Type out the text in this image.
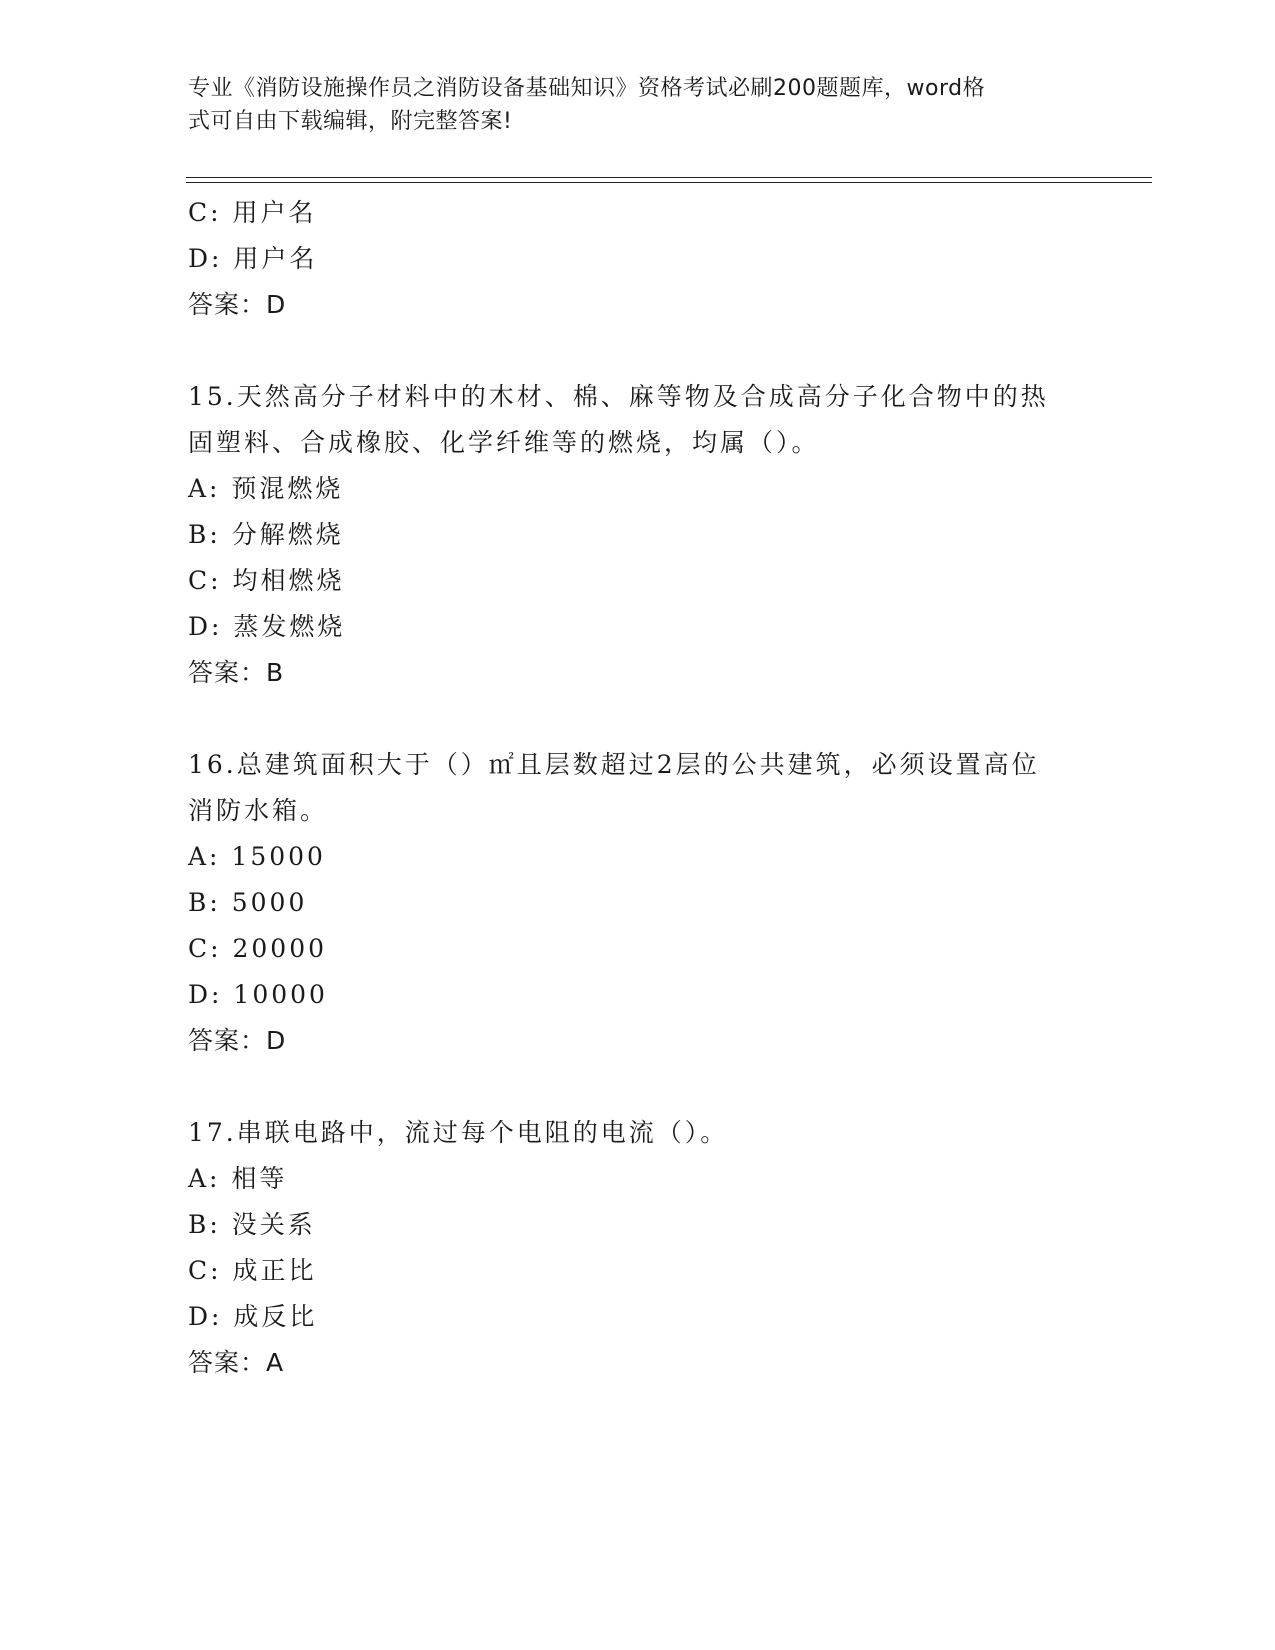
专业《消防设施操作员之消防设备基础知识》资格考试必刷200题题库，word格
式可自由下载编辑，附完整答案!
C: 用户名
D: 用户名
答案：D
15.天然高分子材料中的木材、棉、麻等物及合成高分子化合物中的热
固塑料、合成橡胶、化学纤维等的燃烧，均属（）。
A: 预混燃烧
B: 分解燃烧
C: 均相燃烧
D: 蒸发燃烧
答案：B
16.总建筑面积大于（）㎡且层数超过2层的公共建筑，必须设置高位
消防水箱。
A: 15000
B: 5000
C: 20000
D: 10000
答案：D
17.串联电路中，流过每个电阻的电流（）。
A: 相等
B: 没关系
C: 成正比
D: 成反比
答案：A
